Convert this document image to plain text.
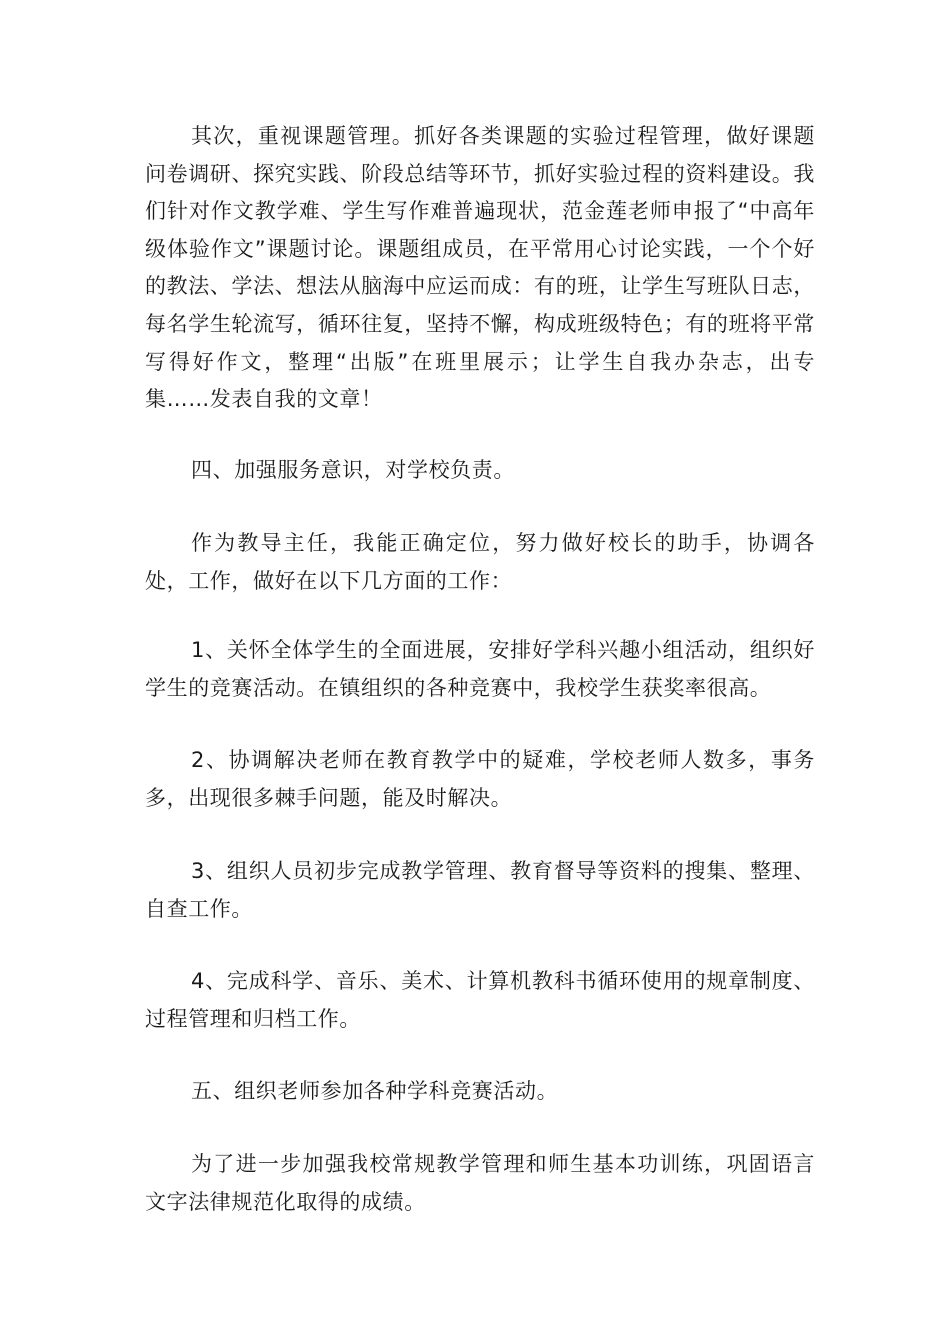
其次，重视课题管理。抓好各类课题的实验过程管理，做好课题问卷调研、探究实践、阶段总结等环节，抓好实验过程的资料建设。我们针对作文教学难、学生写作难普遍现状，范金莲老师申报了“中高年级体验作文”课题讨论。课题组成员，在平常用心讨论实践，一个个好的教法、学法、想法从脑海中应运而成：有的班，让学生写班队日志，每名学生轮流写，循环往复，坚持不懈，构成班级特色；有的班将平常写得好作文，整理“出版”在班里展示；让学生自我办杂志，出专集……发表自我的文章！

四、加强服务意识，对学校负责。

作为教导主任，我能正确定位，努力做好校长的助手，协调各处，工作，做好在以下几方面的工作：

1、关怀全体学生的全面进展，安排好学科兴趣小组活动，组织好学生的竞赛活动。在镇组织的各种竞赛中，我校学生获奖率很高。

2、协调解决老师在教育教学中的疑难，学校老师人数多，事务多，出现很多棘手问题，能及时解决。

3、组织人员初步完成教学管理、教育督导等资料的搜集、整理、自查工作。

4、完成科学、音乐、美术、计算机教科书循环使用的规章制度、过程管理和归档工作。

五、组织老师参加各种学科竞赛活动。

为了进一步加强我校常规教学管理和师生基本功训练，巩固语言文字法律规范化取得的成绩。
